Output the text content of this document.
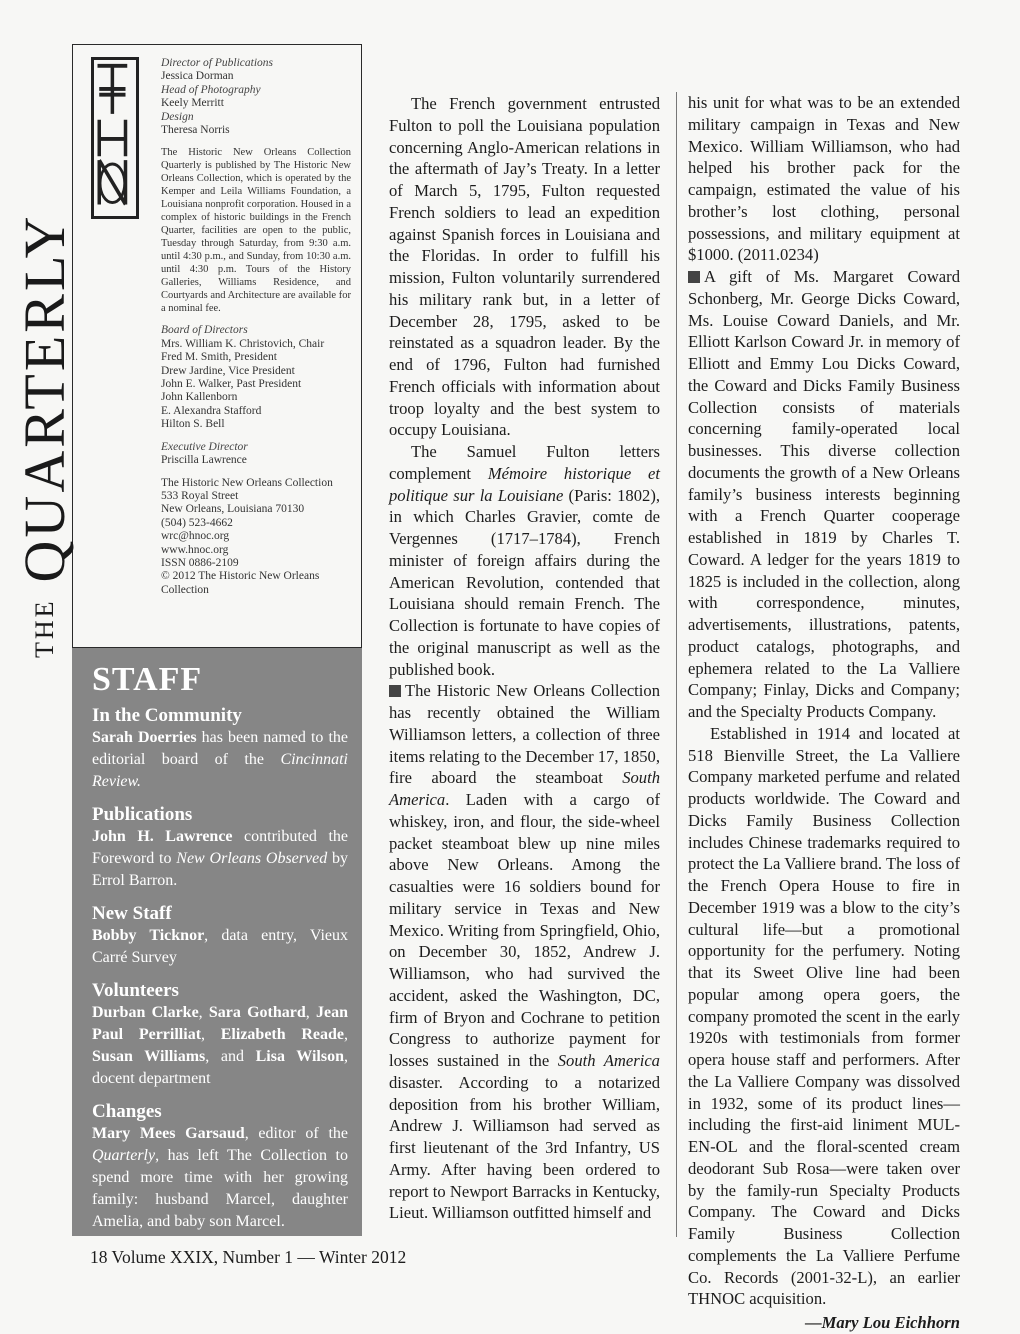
Director of Publications
Jessica Dorman
Head of Photography
Keely Merritt
Design
Theresa Norris
The Historic New Orleans Collection Quarterly is published by The Historic New Orleans Collection, which is operated by the Kemper and Leila Williams Foundation, a Louisiana nonprofit corporation. Housed in a complex of historic buildings in the French Quarter, facilities are open to the public, Tuesday through Saturday, from 9:30 a.m. until 4:30 p.m., and Sunday, from 10:30 a.m. until 4:30 p.m. Tours of the History Galleries, Williams Residence, and Courtyards and Architecture are available for a nominal fee.
Board of Directors
Mrs. William K. Christovich, Chair
Fred M. Smith, President
Drew Jardine, Vice President
John E. Walker, Past President
John Kallenborn
E. Alexandra Stafford
Hilton S. Bell
Executive Director
Priscilla Lawrence
The Historic New Orleans Collection
533 Royal Street
New Orleans, Louisiana 70130
(504) 523-4662
wrc@hnoc.org
www.hnoc.org
ISSN 0886-2109
© 2012 The Historic New Orleans Collection
THE
QUARTERLY
STAFF
In the Community

Sarah Doerries has been named to the editorial board of the Cincinnati Review.

Publications

John H. Lawrence contributed the Foreword to New Orleans Observed by Errol Barron.

New Staff

Bobby Ticknor, data entry, Vieux Carré Survey

Volunteers

Durban Clarke, Sara Gothard, Jean Paul Perrilliat, Elizabeth Reade, Susan Williams, and Lisa Wilson, docent department

Changes

Mary Mees Garsaud, editor of the Quarterly, has left The Collection to spend more time with her growing family: husband Marcel, daughter Amelia, and baby son Marcel.

The French government entrusted Fulton to poll the Louisiana population concerning Anglo-American relations in the aftermath of Jay’s Treaty. In a letter of March 5, 1795, Fulton requested French soldiers to lead an expedition against Spanish forces in Louisiana and the Floridas. In order to fulfill his mission, Fulton voluntarily surrendered his military rank but, in a letter of December 28, 1795, asked to be reinstated as a squadron leader. By the end of 1796, Fulton had furnished French officials with information about troop loyalty and the best system to occupy Louisiana.

The Samuel Fulton letters complement Mémoire historique et politique sur la Louisiane (Paris: 1802), in which Charles Gravier, comte de Vergennes (1717–1784), French minister of foreign affairs during the American Revolution, contended that Louisiana should remain French. The Collection is fortunate to have copies of the original manuscript as well as the published book.

The Historic New Orleans Collection has recently obtained the William Williamson letters, a collection of three items relating to the December 17, 1850, fire aboard the steamboat South America. Laden with a cargo of whiskey, iron, and flour, the side-wheel packet steamboat blew up nine miles above New Orleans. Among the casualties were 16 soldiers bound for military service in Texas and New Mexico. Writing from Springfield, Ohio, on December 30, 1852, Andrew J. Williamson, who had survived the accident, asked the Washington, DC, firm of Bryon and Cochrane to petition Congress to authorize payment for losses sustained in the South America disaster. According to a notarized deposition from his brother William, Andrew J. Williamson had served as first lieutenant of the 3rd Infantry, US Army. After having been ordered to report to Newport Barracks in Kentucky, Lieut. Williamson outfitted himself and

his unit for what was to be an extended military campaign in Texas and New Mexico. William Williamson, who had helped his brother pack for the campaign, estimated the value of his brother’s lost clothing, personal possessions, and military equipment at $1000. (2011.0234)

A gift of Ms. Margaret Coward Schonberg, Mr. George Dicks Coward, Ms. Louise Coward Daniels, and Mr. Elliott Karlson Coward Jr. in memory of Elliott and Emmy Lou Dicks Coward, the Coward and Dicks Family Business Collection consists of materials concerning family-operated local businesses. This diverse collection documents the growth of a New Orleans family’s business interests beginning with a French Quarter cooperage established in 1819 by Charles T. Coward. A ledger for the years 1819 to 1825 is included in the collection, along with correspondence, minutes, advertisements, illustrations, patents, product catalogs, photographs, and ephemera related to the La Valliere Company; Finlay, Dicks and Company; and the Specialty Products Company.

Established in 1914 and located at 518 Bienville Street, the La Valliere Company marketed perfume and related products worldwide. The Coward and Dicks Family Business Collection includes Chinese trademarks required to protect the La Valliere brand. The loss of the French Opera House to fire in December 1919 was a blow to the city’s cultural life—but a promotional opportunity for the perfumery. Noting that its Sweet Olive line had been popular among opera goers, the company promoted the scent in the early 1920s with testimonials from former opera house staff and performers. After the La Valliere Company was dissolved in 1932, some of its product lines—including the first-aid liniment MUL-EN-OL and the floral-scented cream deodorant Sub Rosa—were taken over by the family-run Specialty Products Company. The Coward and Dicks Family Business Collection complements the La Valliere Perfume Co. Records (2001-32-L), an earlier THNOC acquisition.

—Mary Lou Eichhorn
18 Volume XXIX, Number 1 — Winter 2012
